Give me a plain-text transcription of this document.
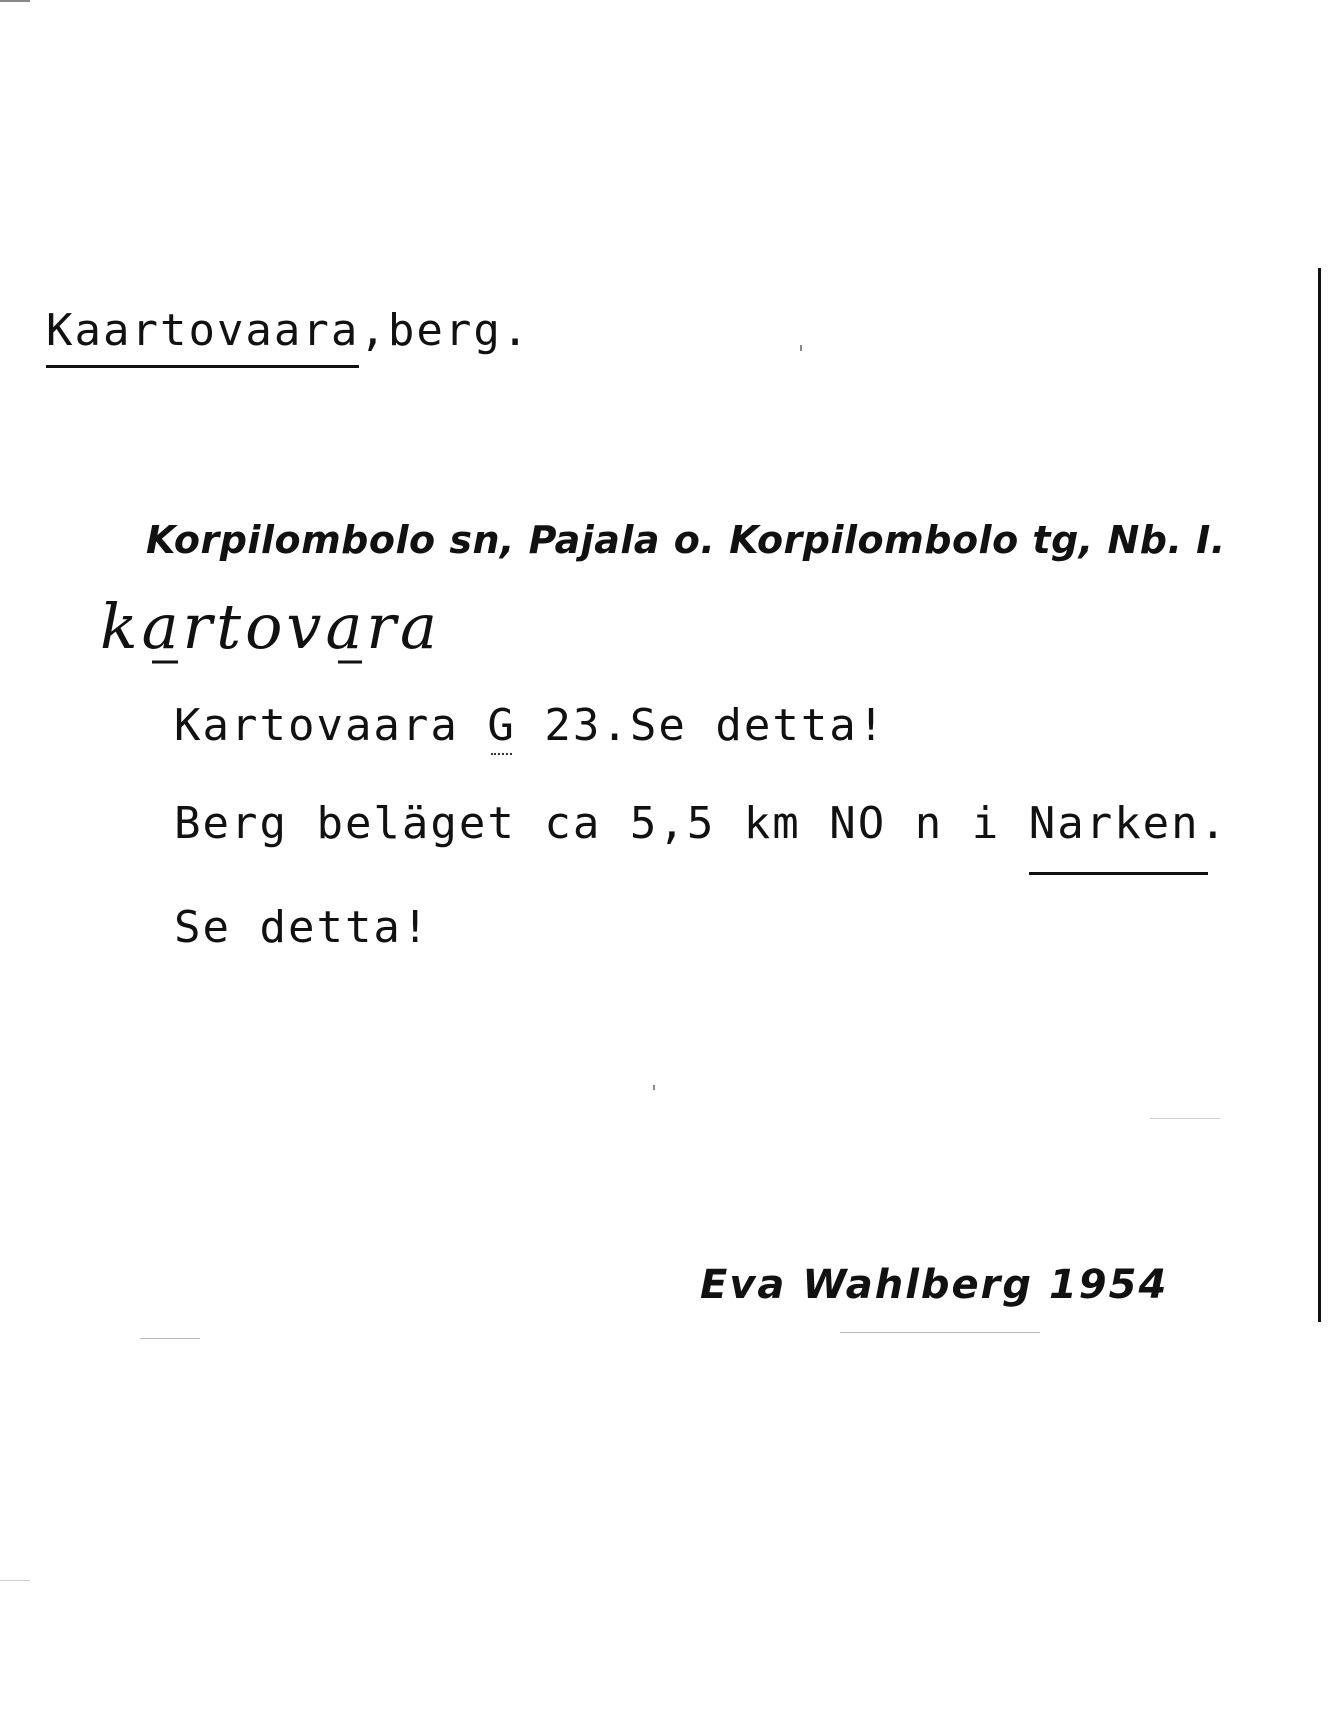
Kaartovaara,berg.
Korpilombolo sn, Pajala o. Korpilombolo tg, Nb. I.
kartovara
Kartovaara G 23.Se detta!
Berg beläget ca 5,5 km NO n i Narken.
Se detta!
Eva Wahlberg 1954
